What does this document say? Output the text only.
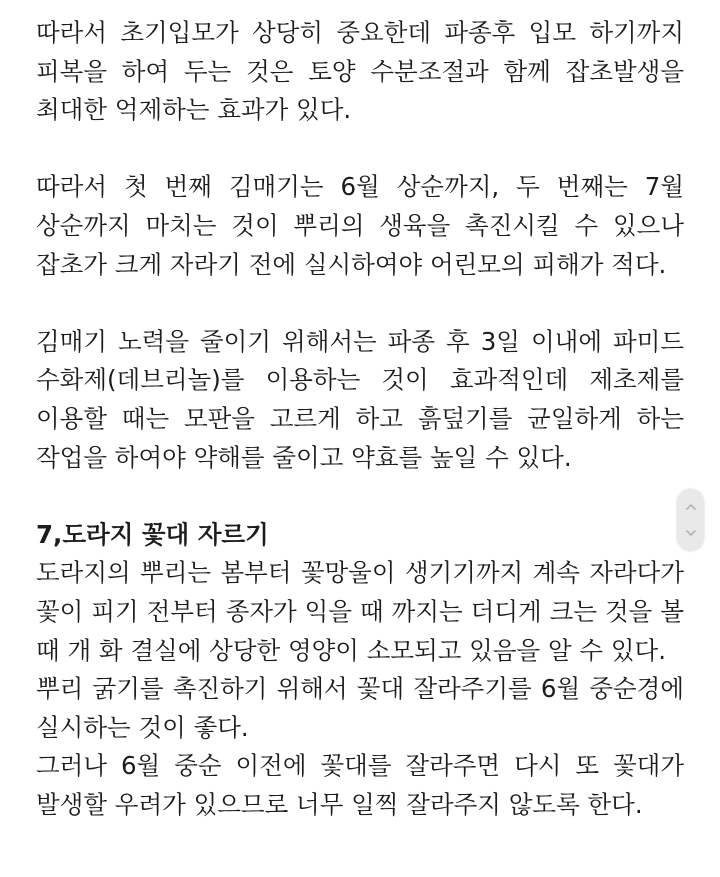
따라서 초기입모가 상당히 중요한데 파종후 입모 하기까지 피복을 하여 두는 것은 토양 수분조절과 함께 잡초발생을 최대한 억제하는 효과가 있다.

따라서 첫 번째 김매기는 6월 상순까지, 두 번째는 7월 상순까지 마치는 것이 뿌리의 생육을 촉진시킬 수 있으나 잡초가 크게 자라기 전에 실시하여야 어린모의 피해가 적다.

김매기 노력을 줄이기 위해서는 파종 후 3일 이내에 파미드 수화제(데브리놀)를 이용하는 것이 효과적인데 제초제를 이용할 때는 모판을 고르게 하고 흙덮기를 균일하게 하는 작업을 하여야 약해를 줄이고 약효를 높일 수 있다.

7,도라지 꽃대 자르기

도라지의 뿌리는 봄부터 꽃망울이 생기기까지 계속 자라다가 꽃이 피기 전부터 종자가 익을 때 까지는 더디게 크는 것을 볼 때 개 화 결실에 상당한 영양이 소모되고 있음을 알 수 있다.

뿌리 굵기를 촉진하기 위해서 꽃대 잘라주기를 6월 중순경에 실시하는 것이 좋다.

그러나 6월 중순 이전에 꽃대를 잘라주면 다시 또 꽃대가 발생할 우려가 있으므로 너무 일찍 잘라주지 않도록 한다.
